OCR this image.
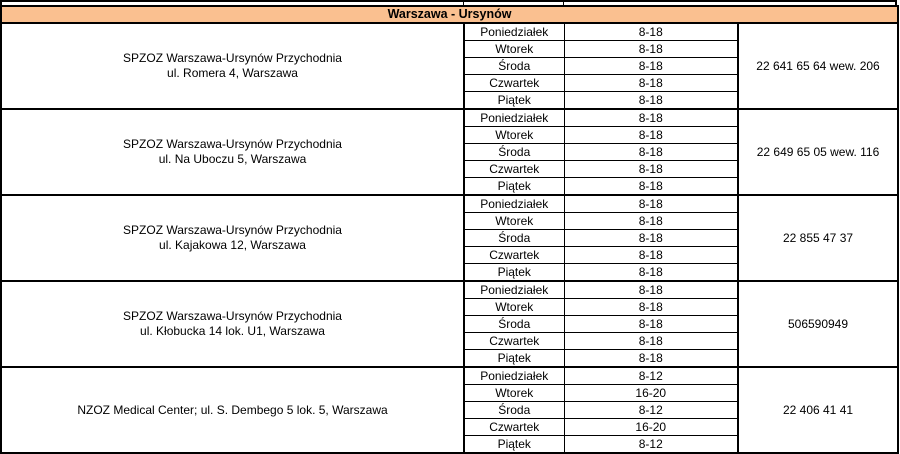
Warszawa - Ursynów			

SPZOZ Warszawa-Ursynów Przychodnia
ul. Romera 4, Warszawa	Poniedziałek	8-18	22 641 65 64 wew. 206
	Wtorek	8-18	
	Środa	8-18	
	Czwartek	8-18	
	Piątek	8-18	

SPZOZ Warszawa-Ursynów Przychodnia
ul. Na Uboczu 5, Warszawa	Poniedziałek	8-18	22 649 65 05 wew. 116
	Wtorek	8-18	
	Środa	8-18	
	Czwartek	8-18	
	Piątek	8-18	

SPZOZ Warszawa-Ursynów Przychodnia
ul. Kajakowa 12, Warszawa	Poniedziałek	8-18	22 855 47 37
	Wtorek	8-18	
	Środa	8-18	
	Czwartek	8-18	
	Piątek	8-18	

SPZOZ Warszawa-Ursynów Przychodnia
ul. Kłobucka 14 lok. U1, Warszawa	Poniedziałek	8-18	506590949
	Wtorek	8-18	
	Środa	8-18	
	Czwartek	8-18	
	Piątek	8-18	

NZOZ Medical Center; ul. S. Dembego 5 lok. 5, Warszawa	Poniedziałek	8-12	22 406 41 41
	Wtorek	16-20	
	Środa	8-12	
	Czwartek	16-20	
	Piątek	8-12	
